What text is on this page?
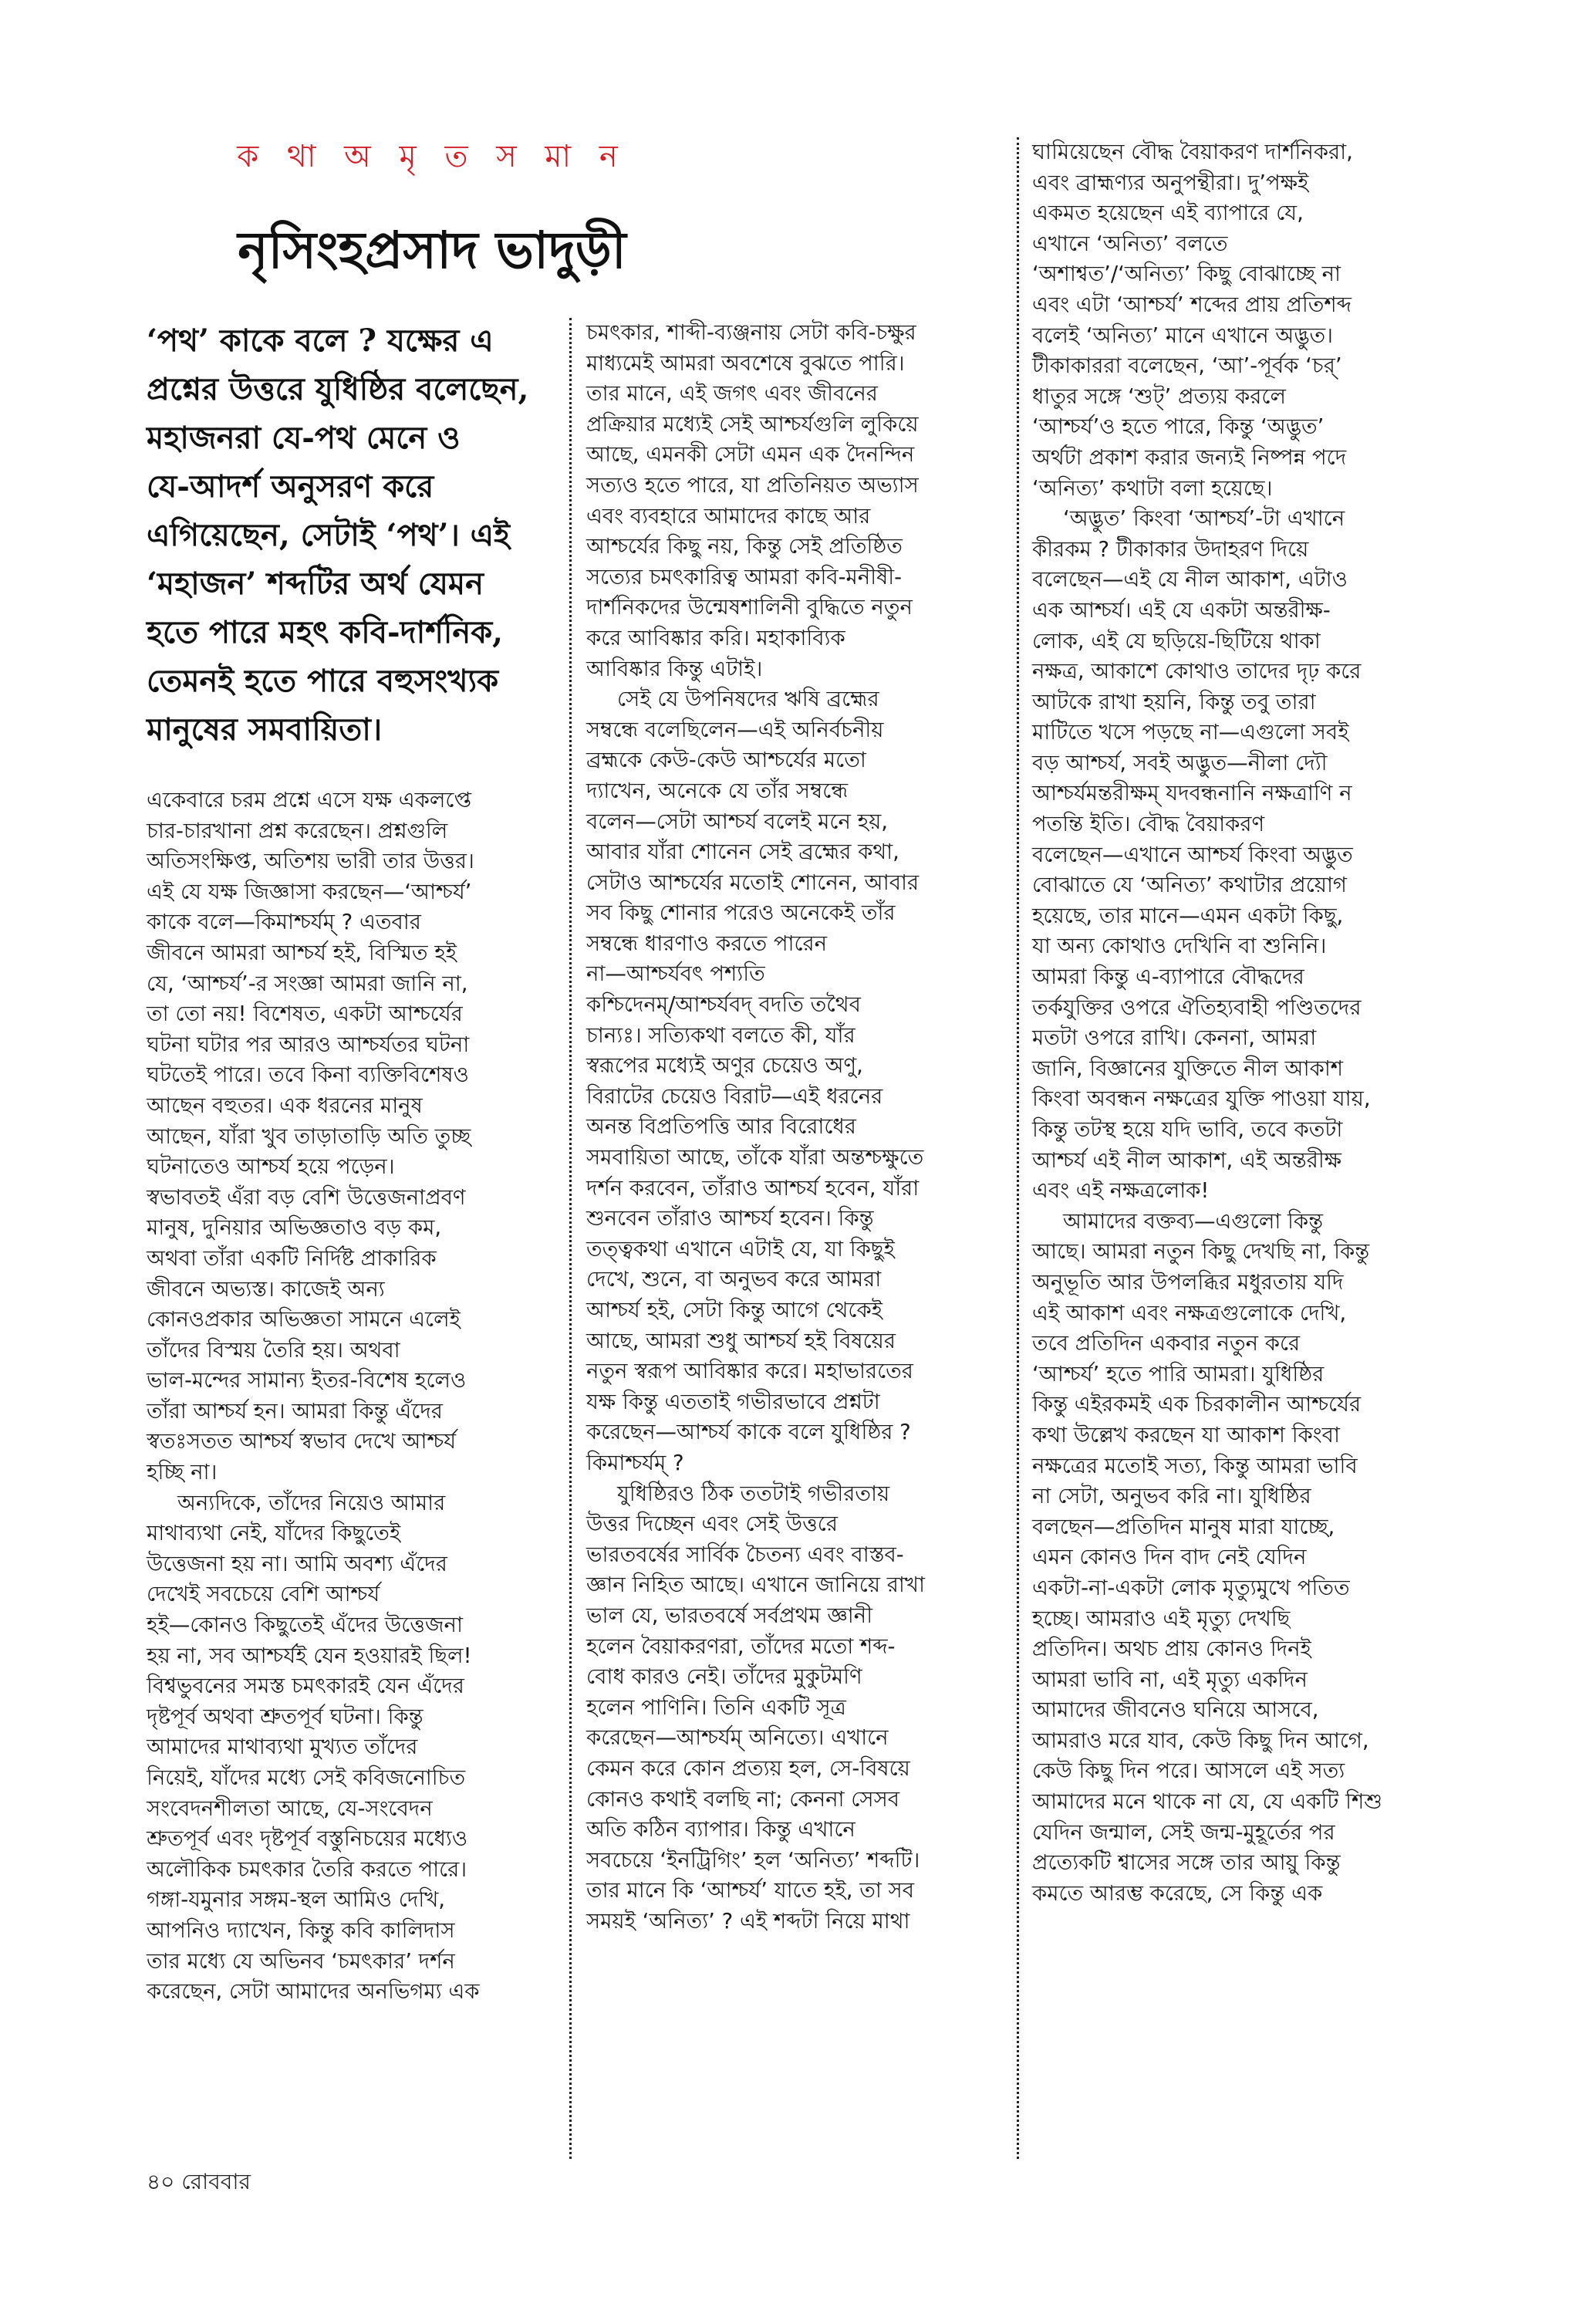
ক থা অ মৃ ত স মা ন
নৃসিংহপ্রসাদ ভাদুড়ী
‘পথ’ কাকে বলে ? যক্ষের এ
প্রশ্নের উত্তরে যুধিষ্ঠির বলেছেন,
মহাজনরা যে-পথ মেনে ও
যে-আদর্শ অনুসরণ করে
এগিয়েছেন, সেটাই ‘পথ’। এই
‘মহাজন’ শব্দটির অর্থ যেমন
হতে পারে মহৎ কবি-দার্শনিক,
তেমনই হতে পারে বহুসংখ্যক
মানুষের সমবায়িতা।

একেবারে চরম প্রশ্নে এসে যক্ষ একলপ্তে

চার-চারখানা প্রশ্ন করেছেন। প্রশ্নগুলি

অতিসংক্ষিপ্ত, অতিশয় ভারী তার উত্তর।

এই যে যক্ষ জিজ্ঞাসা করছেন—‘আশ্চর্য’

কাকে বলে—কিমাশ্চর্যম্ ? এতবার

জীবনে আমরা আশ্চর্য হই, বিস্মিত হই

যে, ‘আশ্চর্য’-র সংজ্ঞা আমরা জানি না,

তা তো নয়! বিশেষত, একটা আশ্চর্যের

ঘটনা ঘটার পর আরও আশ্চর্যতর ঘটনা

ঘটতেই পারে। তবে কিনা ব্যক্তিবিশেষও

আছেন বহুতর। এক ধরনের মানুষ

আছেন, যাঁরা খুব তাড়াতাড়ি অতি তুচ্ছ

ঘটনাতেও আশ্চর্য হয়ে পড়েন।

স্বভাবতই এঁরা বড় বেশি উত্তেজনাপ্রবণ

মানুষ, দুনিয়ার অভিজ্ঞতাও বড় কম,

অথবা তাঁরা একটি নির্দিষ্ট প্রাকারিক

জীবনে অভ্যস্ত। কাজেই অন্য

কোনওপ্রকার অভিজ্ঞতা সামনে এলেই

তাঁদের বিস্ময় তৈরি হয়। অথবা

ভাল-মন্দের সামান্য ইতর-বিশেষ হলেও

তাঁরা আশ্চর্য হন। আমরা কিন্তু এঁদের

স্বতঃসতত আশ্চর্য স্বভাব দেখে আশ্চর্য

হচ্ছি না।

অন্যদিকে, তাঁদের নিয়েও আমার

মাথাব্যথা নেই, যাঁদের কিছুতেই

উত্তেজনা হয় না। আমি অবশ্য এঁদের

দেখেই সবচেয়ে বেশি আশ্চর্য

হই—কোনও কিছুতেই এঁদের উত্তেজনা

হয় না, সব আশ্চর্যই যেন হওয়ারই ছিল!

বিশ্বভুবনের সমস্ত চমৎকারই যেন এঁদের

দৃষ্টপূর্ব অথবা শ্রুতপূর্ব ঘটনা। কিন্তু

আমাদের মাথাব্যথা মুখ্যত তাঁদের

নিয়েই, যাঁদের মধ্যে সেই কবিজনোচিত

সংবেদনশীলতা আছে, যে-সংবেদন

শ্রুতপূর্ব এবং দৃষ্টপূর্ব বস্তুনিচয়ের মধ্যেও

অলৌকিক চমৎকার তৈরি করতে পারে।

গঙ্গা-যমুনার সঙ্গম-স্থল আমিও দেখি,

আপনিও দ্যাখেন, কিন্তু কবি কালিদাস

তার মধ্যে যে অভিনব ‘চমৎকার’ দর্শন

করেছেন, সেটা আমাদের অনভিগম্য এক

চমৎকার, শাব্দী-ব্যঞ্জনায় সেটা কবি-চক্ষুর

মাধ্যমেই আমরা অবশেষে বুঝতে পারি।

তার মানে, এই জগৎ এবং জীবনের

প্রক্রিয়ার মধ্যেই সেই আশ্চর্যগুলি লুকিয়ে

আছে, এমনকী সেটা এমন এক দৈনন্দিন

সত্যও হতে পারে, যা প্রতিনিয়ত অভ্যাস

এবং ব্যবহারে আমাদের কাছে আর

আশ্চর্যের কিছু নয়, কিন্তু সেই প্রতিষ্ঠিত

সত্যের চমৎকারিত্ব আমরা কবি-মনীষী-

দার্শনিকদের উন্মেষশালিনী বুদ্ধিতে নতুন

করে আবিষ্কার করি। মহাকাব্যিক

আবিষ্কার কিন্তু এটাই।

সেই যে উপনিষদের ঋষি ব্রহ্মের

সম্বন্ধে বলেছিলেন—এই অনির্বচনীয়

ব্রহ্মকে কেউ-কেউ আশ্চর্যের মতো

দ্যাখেন, অনেকে যে তাঁর সম্বন্ধে

বলেন—সেটা আশ্চর্য বলেই মনে হয়,

আবার যাঁরা শোনেন সেই ব্রহ্মের কথা,

সেটাও আশ্চর্যের মতোই শোনেন, আবার

সব কিছু শোনার পরেও অনেকেই তাঁর

সম্বন্ধে ধারণাও করতে পারেন

না—আশ্চর্যবৎ পশ্যতি

কশ্চিদেনম্/আশ্চর্যবদ্ বদতি তথৈব

চান্যঃ। সত্যিকথা বলতে কী, যাঁর

স্বরূপের মধ্যেই অণুর চেয়েও অণু,

বিরাটের চেয়েও বিরাট—এই ধরনের

অনন্ত বিপ্রতিপত্তি আর বিরোধের

সমবায়িতা আছে, তাঁকে যাঁরা অন্তশ্চক্ষুতে

দর্শন করবেন, তাঁরাও আশ্চর্য হবেন, যাঁরা

শুনবেন তাঁরাও আশ্চর্য হবেন। কিন্তু

তত্ত্বকথা এখানে এটাই যে, যা কিছুই

দেখে, শুনে, বা অনুভব করে আমরা

আশ্চর্য হই, সেটা কিন্তু আগে থেকেই

আছে, আমরা শুধু আশ্চর্য হই বিষয়ের

নতুন স্বরূপ আবিষ্কার করে। মহাভারতের

যক্ষ কিন্তু এততাই গভীরভাবে প্রশ্নটা

করেছেন—আশ্চর্য কাকে বলে যুধিষ্ঠির ?

কিমাশ্চর্যম্ ?

যুধিষ্ঠিরও ঠিক ততটাই গভীরতায়

উত্তর দিচ্ছেন এবং সেই উত্তরে

ভারতবর্ষের সার্বিক চৈতন্য এবং বাস্তব-

জ্ঞান নিহিত আছে। এখানে জানিয়ে রাখা

ভাল যে, ভারতবর্ষে সর্বপ্রথম জ্ঞানী

হলেন বৈয়াকরণরা, তাঁদের মতো শব্দ-

বোধ কারও নেই। তাঁদের মুকুটমণি

হলেন পাণিনি। তিনি একটি সূত্র

করেছেন—আশ্চর্যম্ অনিত্যে। এখানে

কেমন করে কোন প্রত্যয় হল, সে-বিষয়ে

কোনও কথাই বলছি না; কেননা সেসব

অতি কঠিন ব্যাপার। কিন্তু এখানে

সবচেয়ে ‘ইনট্রিগিং’ হল ‘অনিত্য’ শব্দটি।

তার মানে কি ‘আশ্চর্য’ যাতে হই, তা সব

সময়ই ‘অনিত্য’ ? এই শব্দটা নিয়ে মাথা

ঘামিয়েছেন বৌদ্ধ বৈয়াকরণ দার্শনিকরা,

এবং ব্রাহ্মণ্যর অনুপন্থীরা। দু’পক্ষই

একমত হয়েছেন এই ব্যাপারে যে,

এখানে ‘অনিত্য’ বলতে

‘অশাশ্বত’/‘অনিত্য’ কিছু বোঝাচ্ছে না

এবং এটা ‘আশ্চর্য’ শব্দের প্রায় প্রতিশব্দ

বলেই ‘অনিত্য’ মানে এখানে অদ্ভুত।

টীকাকাররা বলেছেন, ‘আ’-পূর্বক ‘চর্’

ধাতুর সঙ্গে ‘শুট্’ প্রত্যয় করলে

‘আশ্চর্য’ও হতে পারে, কিন্তু ‘অদ্ভুত’

অর্থটা প্রকাশ করার জন্যই নিষ্পন্ন পদে

‘অনিত্য’ কথাটা বলা হয়েছে।

‘অদ্ভুত’ কিংবা ‘আশ্চর্য’-টা এখানে

কীরকম ? টীকাকার উদাহরণ দিয়ে

বলেছেন—এই যে নীল আকাশ, এটাও

এক আশ্চর্য। এই যে একটা অন্তরীক্ষ-

লোক, এই যে ছড়িয়ে-ছিটিয়ে থাকা

নক্ষত্র, আকাশে কোথাও তাদের দৃঢ় করে

আটকে রাখা হয়নি, কিন্তু তবু তারা

মাটিতে খসে পড়ছে না—এগুলো সবই

বড় আশ্চর্য, সবই অদ্ভুত—নীলা দ্যৌ

আশ্চর্যমন্তরীক্ষম্ যদবন্ধনানি নক্ষত্রাণি ন

পতন্তি ইতি। বৌদ্ধ বৈয়াকরণ

বলেছেন—এখানে আশ্চর্য কিংবা অদ্ভুত

বোঝাতে যে ‘অনিত্য’ কথাটার প্রয়োগ

হয়েছে, তার মানে—এমন একটা কিছু,

যা অন্য কোথাও দেখিনি বা শুনিনি।

আমরা কিন্তু এ-ব্যাপারে বৌদ্ধদের

তর্কযুক্তির ওপরে ঐতিহ্যবাহী পণ্ডিতদের

মতটা ওপরে রাখি। কেননা, আমরা

জানি, বিজ্ঞানের যুক্তিতে নীল আকাশ

কিংবা অবন্ধন নক্ষত্রের যুক্তি পাওয়া যায়,

কিন্তু তটস্থ হয়ে যদি ভাবি, তবে কতটা

আশ্চর্য এই নীল আকাশ, এই অন্তরীক্ষ

এবং এই নক্ষত্রলোক!

আমাদের বক্তব্য—এগুলো কিন্তু

আছে। আমরা নতুন কিছু দেখছি না, কিন্তু

অনুভূতি আর উপলব্ধির মধুরতায় যদি

এই আকাশ এবং নক্ষত্রগুলোকে দেখি,

তবে প্রতিদিন একবার নতুন করে

‘আশ্চর্য’ হতে পারি আমরা। যুধিষ্ঠির

কিন্তু এইরকমই এক চিরকালীন আশ্চর্যের

কথা উল্লেখ করছেন যা আকাশ কিংবা

নক্ষত্রের মতোই সত্য, কিন্তু আমরা ভাবি

না সেটা, অনুভব করি না। যুধিষ্ঠির

বলছেন—প্রতিদিন মানুষ মারা যাচ্ছে,

এমন কোনও দিন বাদ নেই যেদিন

একটা-না-একটা লোক মৃত্যুমুখে পতিত

হচ্ছে। আমরাও এই মৃত্যু দেখছি

প্রতিদিন। অথচ প্রায় কোনও দিনই

আমরা ভাবি না, এই মৃত্যু একদিন

আমাদের জীবনেও ঘনিয়ে আসবে,

আমরাও মরে যাব, কেউ কিছু দিন আগে,

কেউ কিছু দিন পরে। আসলে এই সত্য

আমাদের মনে থাকে না যে, যে একটি শিশু

যেদিন জন্মাল, সেই জন্ম-মুহূর্তের পর

প্রত্যেকটি শ্বাসের সঙ্গে তার আয়ু কিন্তু

কমতে আরম্ভ করেছে, সে কিন্তু এক

৪০ রোববার
